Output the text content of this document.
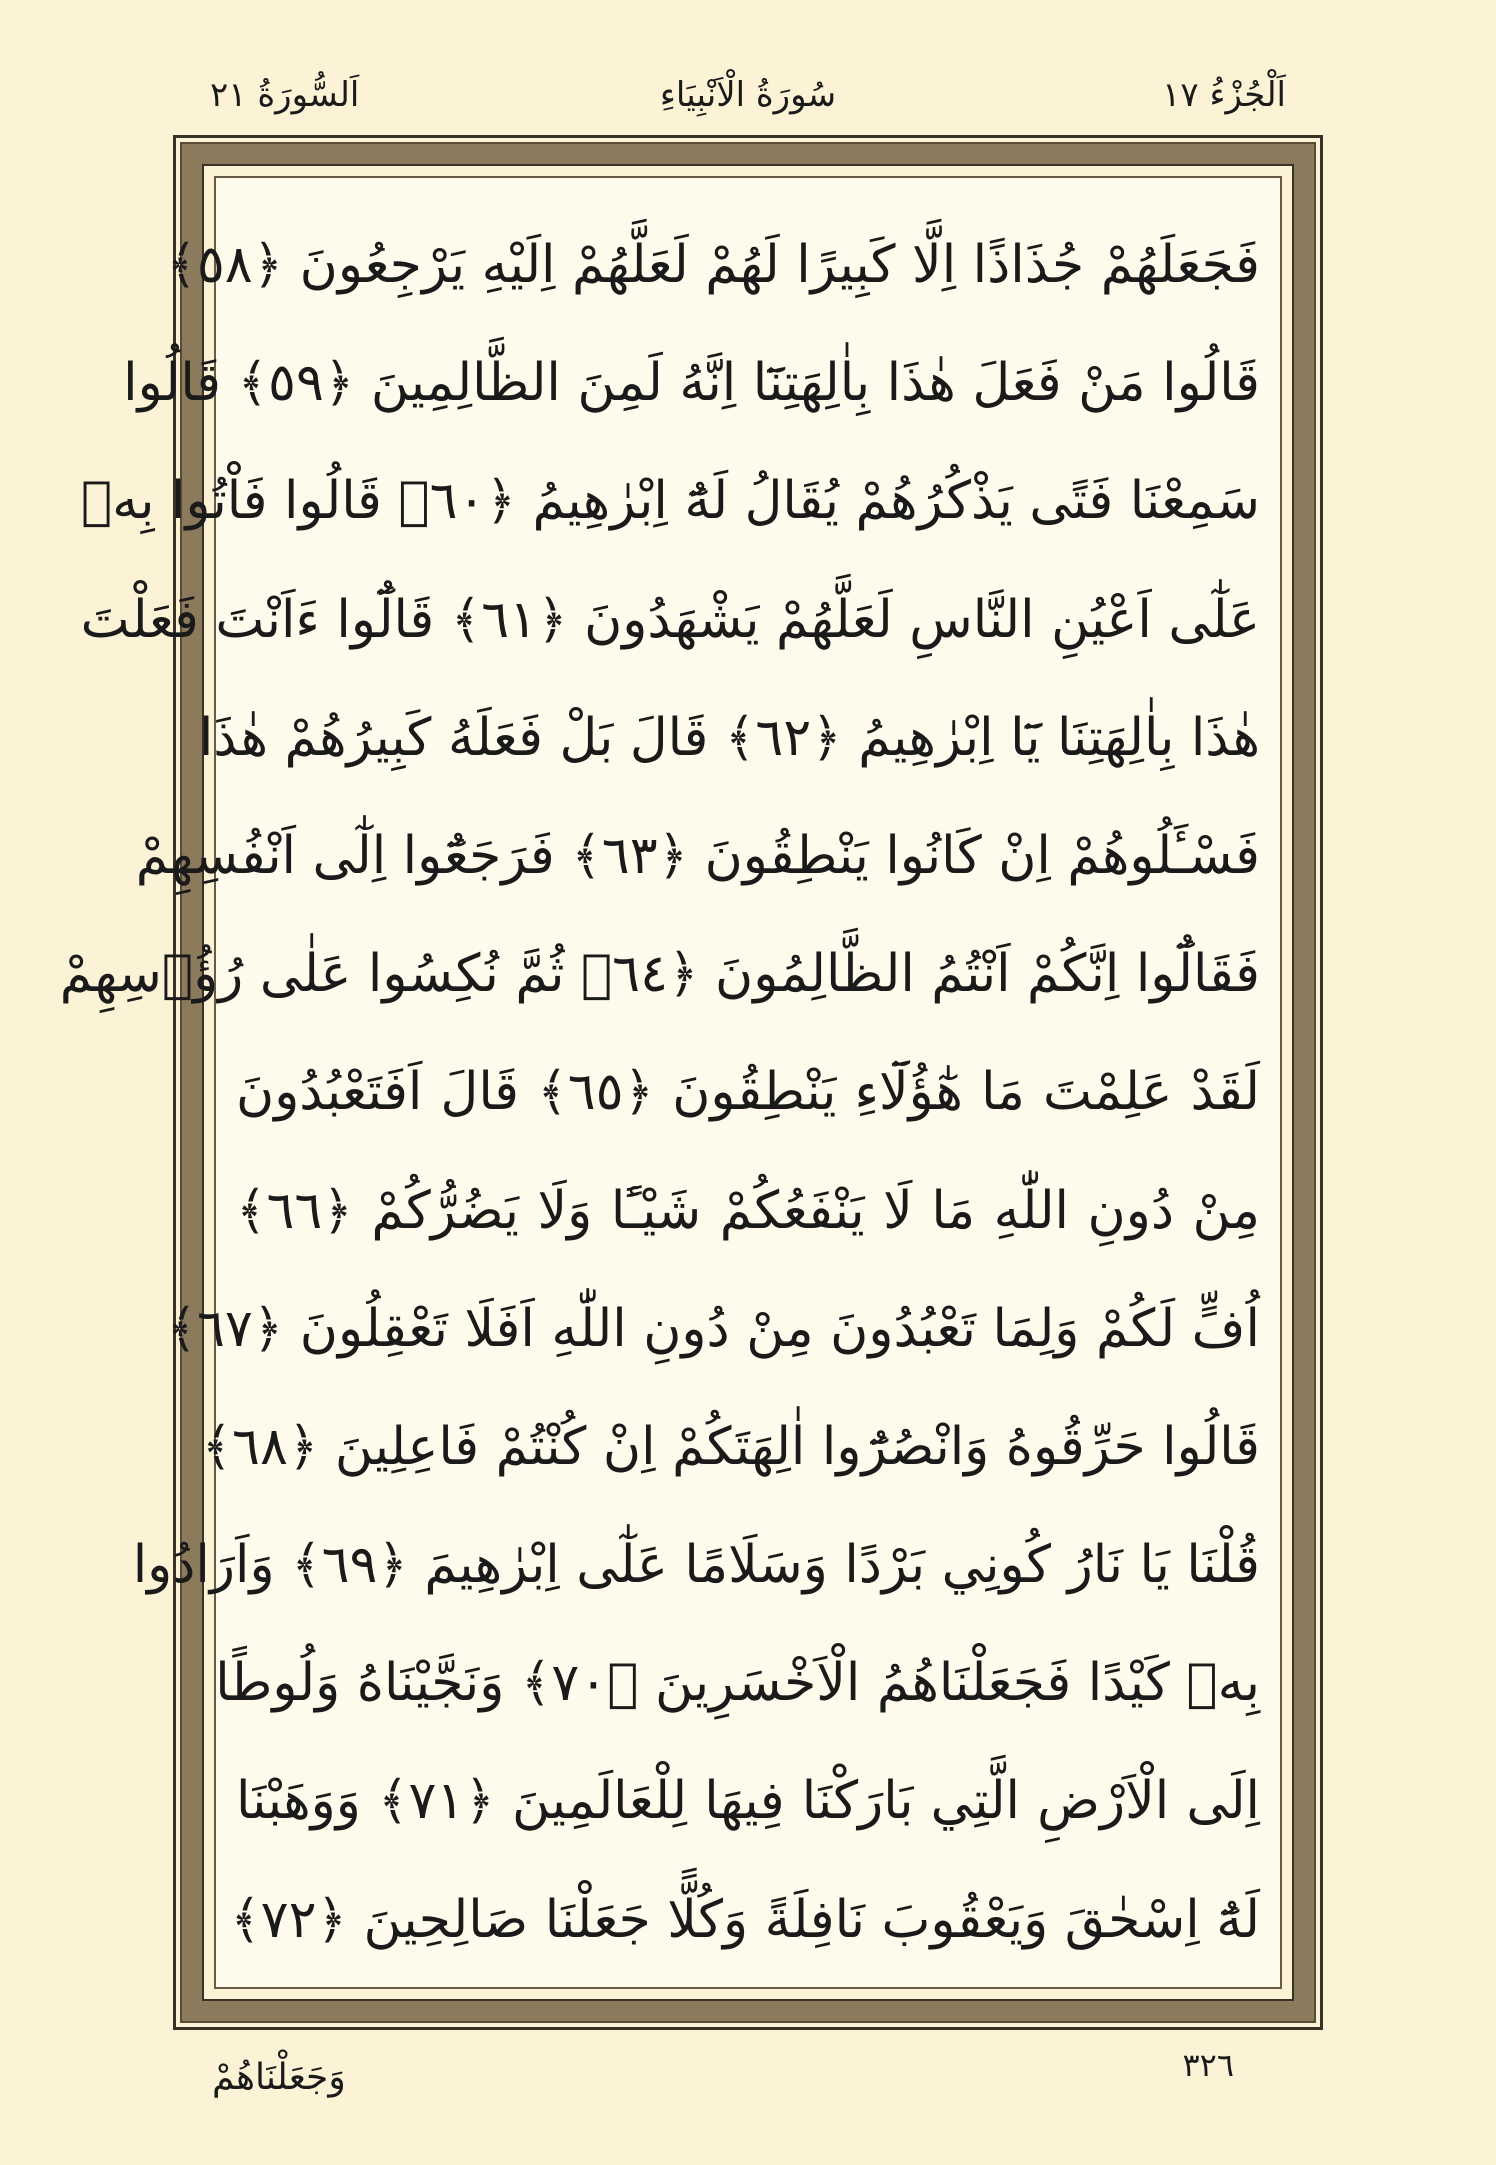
اَلْجُزْءُ ١٧
سُورَةُ الْاَنْبِيَاءِ
اَلسُّورَةُ ٢١
فَجَعَلَهُمْ جُذَاذًا اِلَّا كَبِيرًا لَهُمْ لَعَلَّهُمْ اِلَيْهِ يَرْجِعُونَ ﴿٥٨﴾
قَالُوا مَنْ فَعَلَ هٰذَا بِاٰلِهَتِنَٓا اِنَّهُ لَمِنَ الظَّالِمِينَ ﴿٥٩﴾ قَالُوا
سَمِعْنَا فَتًى يَذْكُرُهُمْ يُقَالُ لَهُٓ اِبْرٰهِيمُ ﴿٦٠﴾ قَالُوا فَاْتُوا بِهٖ
عَلٰٓى اَعْيُنِ النَّاسِ لَعَلَّهُمْ يَشْهَدُونَ ﴿٦١﴾ قَالُٓوا ءَاَنْتَ فَعَلْتَ
هٰذَا بِاٰلِهَتِنَا يَٓا اِبْرٰهِيمُ ﴿٦٢﴾ قَالَ بَلْ فَعَلَهُ كَبِيرُهُمْ هٰذَا
فَسْـَٔلُوهُمْ اِنْ كَانُوا يَنْطِقُونَ ﴿٦٣﴾ فَرَجَعُٓوا اِلٰٓى اَنْفُسِهِمْ
فَقَالُٓوا اِنَّكُمْ اَنْتُمُ الظَّالِمُونَ ﴿٦٤﴾ ثُمَّ نُكِسُوا عَلٰى رُؤُ۫سِهِمْ
لَقَدْ عَلِمْتَ مَا هٰٓؤُلَٓاءِ يَنْطِقُونَ ﴿٦٥﴾ قَالَ اَفَتَعْبُدُونَ
مِنْ دُونِ اللّٰهِ مَا لَا يَنْفَعُكُمْ شَيْـًٔا وَلَا يَضُرُّكُمْ ﴿٦٦﴾
اُفٍّ لَكُمْ وَلِمَا تَعْبُدُونَ مِنْ دُونِ اللّٰهِ اَفَلَا تَعْقِلُونَ ﴿٦٧﴾
قَالُوا حَرِّقُوهُ وَانْصُرُٓوا اٰلِهَتَكُمْ اِنْ كُنْتُمْ فَاعِلِينَ ﴿٦٨﴾
قُلْنَا يَا نَارُ كُونِي بَرْدًا وَسَلَامًا عَلٰٓى اِبْرٰهِيمَ ﴿٦٩﴾ وَاَرَادُوا
بِهٖ كَيْدًا فَجَعَلْنَاهُمُ الْاَخْسَرِينَ ﴿٧٠﴾ وَنَجَّيْنَاهُ وَلُوطًا
اِلَى الْاَرْضِ الَّتِي بَارَكْنَا فِيهَا لِلْعَالَمِينَ ﴿٧١﴾ وَوَهَبْنَا
لَهُٓ اِسْحٰقَ وَيَعْقُوبَ نَافِلَةً وَكُلًّا جَعَلْنَا صَالِحِينَ ﴿٧٢﴾
٣٢٦
وَجَعَلْنَاهُمْ
